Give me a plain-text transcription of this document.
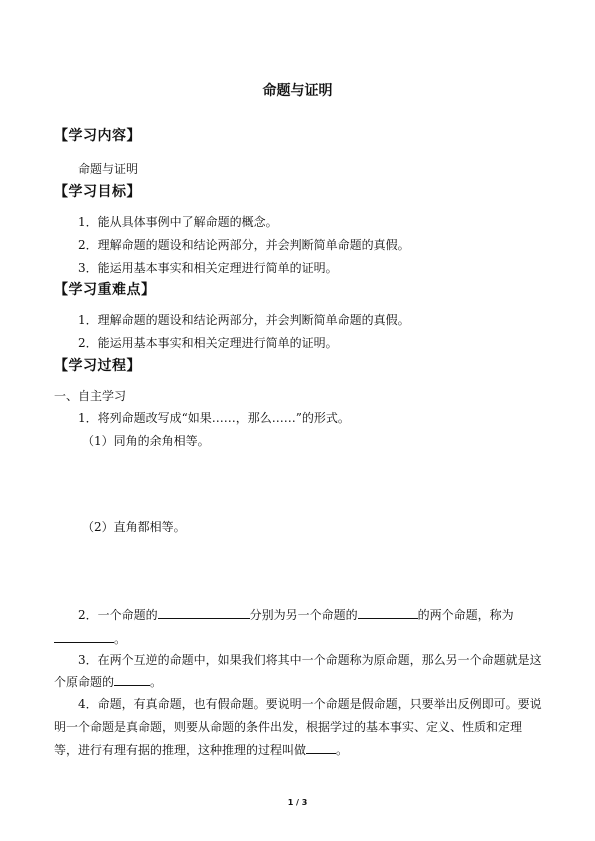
命题与证明
【学习内容】
命题与证明
【学习目标】
1．能从具体事例中了解命题的概念。
2．理解命题的题设和结论两部分，并会判断简单命题的真假。
3．能运用基本事实和相关定理进行简单的证明。
【学习重难点】
1．理解命题的题设和结论两部分，并会判断简单命题的真假。
2．能运用基本事实和相关定理进行简单的证明。
【学习过程】
一、自主学习
1．将列命题改写成“如果……，那么……”的形式。
（1）同角的余角相等。
（2）直角都相等。
2．一个命题的	分别为另一个命题的	的两个命题，称为
。
3．在两个互逆的命题中，如果我们将其中一个命题称为原命题，那么另一个命题就是这
个原命题的	。
4．命题，有真命题，也有假命题。要说明一个命题是假命题，只要举出反例即可。要说
明一个命题是真命题，则要从命题的条件出发，根据学过的基本事实、定义、性质和定理
等，进行有理有据的推理，这种推理的过程叫做	。
1 / 3
